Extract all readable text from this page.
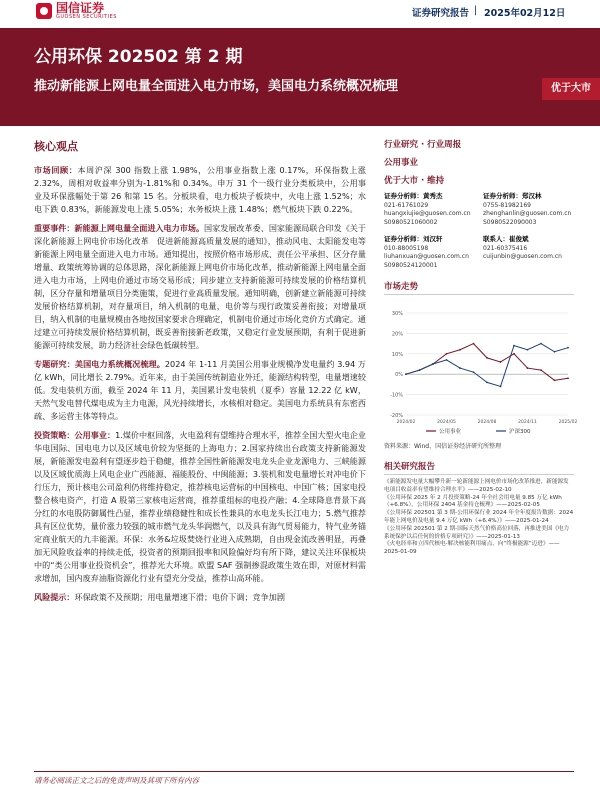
国信证券
GUOSEN SECURITIES	证券研究报告 | 2025年02月12日
公用环保 202502 第 2 期
推动新能源上网电量全面进入电力市场，美国电力系统概况梳理	优于大市
核心观点
市场回顾：本周沪深 300 指数上涨 1.98%，公用事业指数上涨 0.17%，环保指数上涨 2.32%，周相对收益率分别为-1.81%和 0.34%。申万 31 个一级行业分类板块中，公用事业及环保涨幅处于第 26 和第 15 名。分板块看，电力板块子板块中，火电上涨 1.52%；水电下跌 0.83%，新能源发电上涨 5.05%；水务板块上涨 1.48%；燃气板块下跌 0.22%。
重要事件：新能源上网电量全面进入电力市场。国家发展改革委、国家能源局联合印发《关于深化新能源上网电价市场化改革　促进新能源高质量发展的通知》，推动风电、太阳能发电等新能源上网电量全面进入电力市场。通知提出，按照价格市场形成、责任公平承担、区分存量增量、政策统筹协调的总体思路，深化新能源上网电价市场化改革，推动新能源上网电量全面进入电力市场，上网电价通过市场交易形成；同步建立支持新能源可持续发展的价格结算机制，区分存量和增量项目分类施策，促进行业高质量发展。通知明确，创新建立新能源可持续发展价格结算机制，对存量项目，纳入机制的电量，电价等与现行政策妥善衔接；对增量项目，纳入机制的电量规模由各地按国家要求合理确定，机制电价通过市场化竞价方式确定。通过建立可持续发展价格结算机制，既妥善衔接新老政策，又稳定行业发展预期，有利于促进新能源可持续发展，助力经济社会绿色低碳转型。
专题研究：美国电力系统概况梳理。2024 年 1-11 月美国公用事业规模净发电量约 3.94 万亿 kWh，同比增长 2.79%。近年来，由于美国传统制造业外迁，能源结构转型，电量增速较低。发电装机方面，截至 2024 年 11 月，美国累计发电装机（夏季）容量 12.22 亿 kW，天然气发电替代煤电成为主力电源，风光持续增长，水核相对稳定。美国电力系统具有东密西疏、多运营主体等特点。
投资策略：公用事业：1.煤价中枢回落，火电盈利有望维持合理水平，推荐全国大型火电企业华电国际、国电电力以及区域电价较为坚挺的上海电力；2.国家持续出台政策支持新能源发展，新能源发电盈利有望逐步趋于稳健，推荐全国性新能源发电龙头企业龙源电力、三峡能源以及区域优质海上风电企业广西能源、福能股份、中闽能源；3.装机和发电量增长对冲电价下行压力，预计核电公司盈利仍将维持稳定，推荐核电运营标的中国核电、中国广核；国家电投整合核电资产，打造 A 股第三家核电运营商，推荐重组标的电投产融；4.全球降息背景下高分红的水电股防御属性凸显，推荐业绩稳健性和成长性兼具的水电龙头长江电力；5.燃气推荐具有区位优势，量价涨力较强的城市燃气龙头华润燃气，以及具有海气贸易能力，特气业务锚定商业航天的九丰能源。环保：水务&垃圾焚烧行业进入成熟期，自由现金流改善明显，再叠加无风险收益率的持续走低，投资者的预期回报率和风险偏好均有所下降，建议关注环保板块中的“类公用事业投资机会”，推荐光大环境。欧盟 SAF 强制掺混政策生效在即，对原材料需求增加，国内废弃油脂资源化行业有望充分受益，推荐山高环能。
风险提示：环保政策不及预期；用电量增速下滑；电价下调；竞争加剧
行业研究 · 行业周报
公用事业
优于大市 · 维持
证券分析师：黄秀杰
021-61761029
huangxiujie@guosen.com.cn
S0980521060002
证券分析师：郑汉林
0755-81982169
zhenghanlin@guosen.com.cn
S0980522090003
证券分析师：刘汉轩
010-88005198
liuhanxuan@guosen.com.cn
S0980524120001
联系人：崔俊斌
021-60375416
cuijunbin@guosen.com.cn

市场走势
2024/02	2024/05	2024/08	2024/11	2025/02
-20%
-10%
0%
10%
20%
30%
公用事业	沪深300
资料来源：Wind、国信证券经济研究所整理
相关研究报告
《新能源发电量大幅攀升新一轮新能源上网电价市场化改革推进，新能源发电项目收益率有望维持合理水平》——2025-02-10
《公用环保 2025 年 2 月投资策略-24 年全社会用电量 9.85 万亿 kWh（+6.8%），公用环保 2404 基金持仓梳理》——2025-02-05
《公用环保 202501 第 3 期-公用环保行业 2024 年全年度报告数据：2024 年能上网电价及电量 9.4 万亿 kWh（+6.4%）》——2025-01-24
《公用环保 202501 第 2 期-国际天然气价格高位回落，再推进美国《电力系统保护以后任何的价格专项研究》》——2025-01-13
《火电经率和立四代核电-解决核能利用痛点，向“终极能源”迈进》——2025-01-09
请务必阅读正文之后的免责声明及其项下所有内容
